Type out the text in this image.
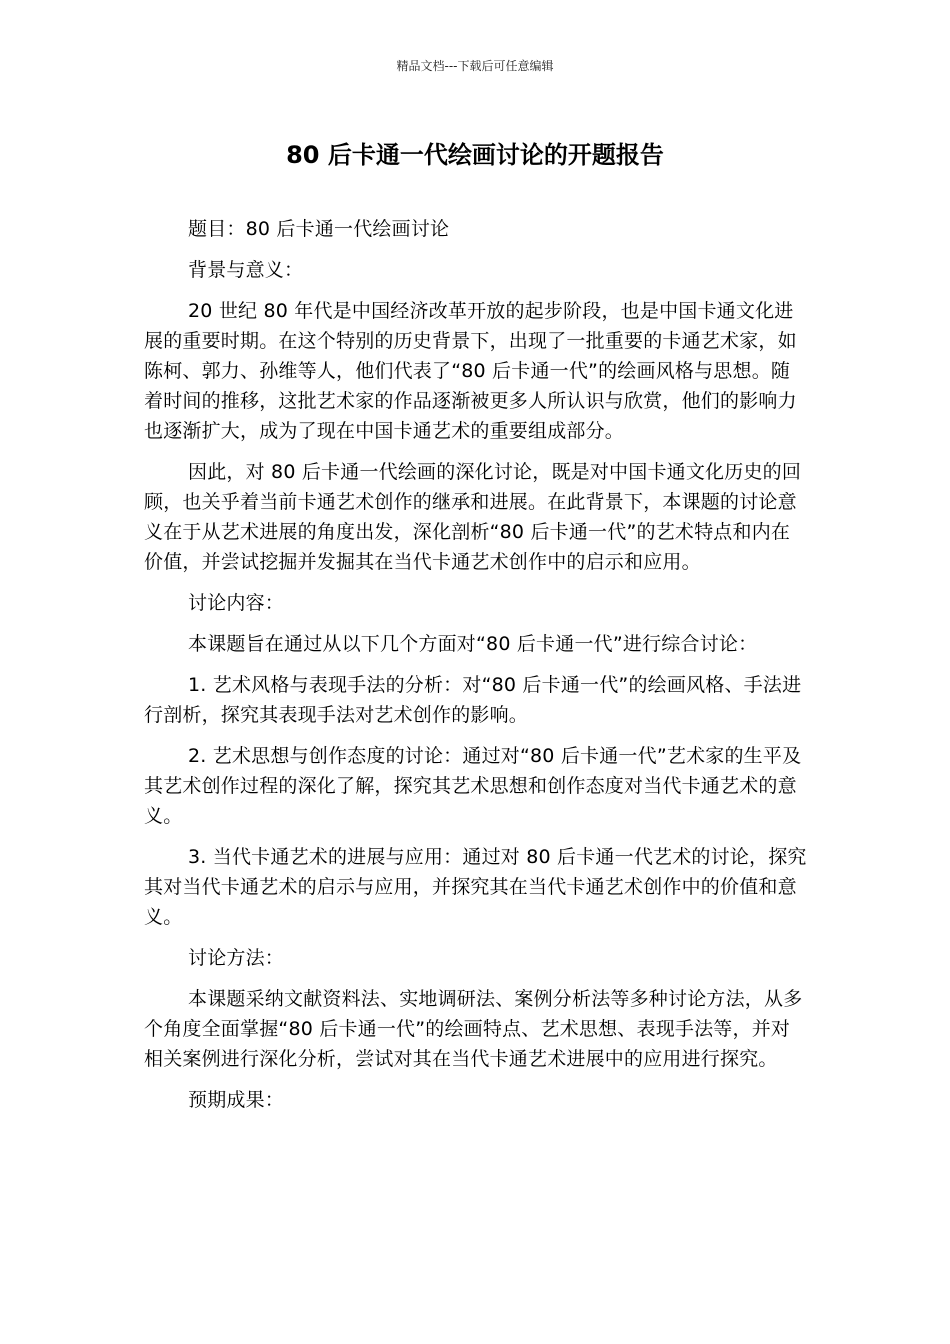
精品文档---下载后可任意编辑
80 后卡通一代绘画讨论的开题报告

题目：80 后卡通一代绘画讨论

背景与意义：

20 世纪 80 年代是中国经济改革开放的起步阶段，也是中国卡通文化进展的重要时期。在这个特别的历史背景下，出现了一批重要的卡通艺术家，如陈柯、郭力、孙维等人，他们代表了“80 后卡通一代”的绘画风格与思想。随着时间的推移，这批艺术家的作品逐渐被更多人所认识与欣赏，他们的影响力也逐渐扩大，成为了现在中国卡通艺术的重要组成部分。

因此，对 80 后卡通一代绘画的深化讨论，既是对中国卡通文化历史的回顾，也关乎着当前卡通艺术创作的继承和进展。在此背景下，本课题的讨论意义在于从艺术进展的角度出发，深化剖析“80 后卡通一代”的艺术特点和内在价值，并尝试挖掘并发掘其在当代卡通艺术创作中的启示和应用。

讨论内容：

本课题旨在通过从以下几个方面对“80 后卡通一代”进行综合讨论：

1. 艺术风格与表现手法的分析：对“80 后卡通一代”的绘画风格、手法进行剖析，探究其表现手法对艺术创作的影响。

2. 艺术思想与创作态度的讨论：通过对“80 后卡通一代”艺术家的生平及其艺术创作过程的深化了解，探究其艺术思想和创作态度对当代卡通艺术的意义。

3. 当代卡通艺术的进展与应用：通过对 80 后卡通一代艺术的讨论，探究其对当代卡通艺术的启示与应用，并探究其在当代卡通艺术创作中的价值和意义。

讨论方法：

本课题采纳文献资料法、实地调研法、案例分析法等多种讨论方法，从多个角度全面掌握“80 后卡通一代”的绘画特点、艺术思想、表现手法等，并对相关案例进行深化分析，尝试对其在当代卡通艺术进展中的应用进行探究。

预期成果：
